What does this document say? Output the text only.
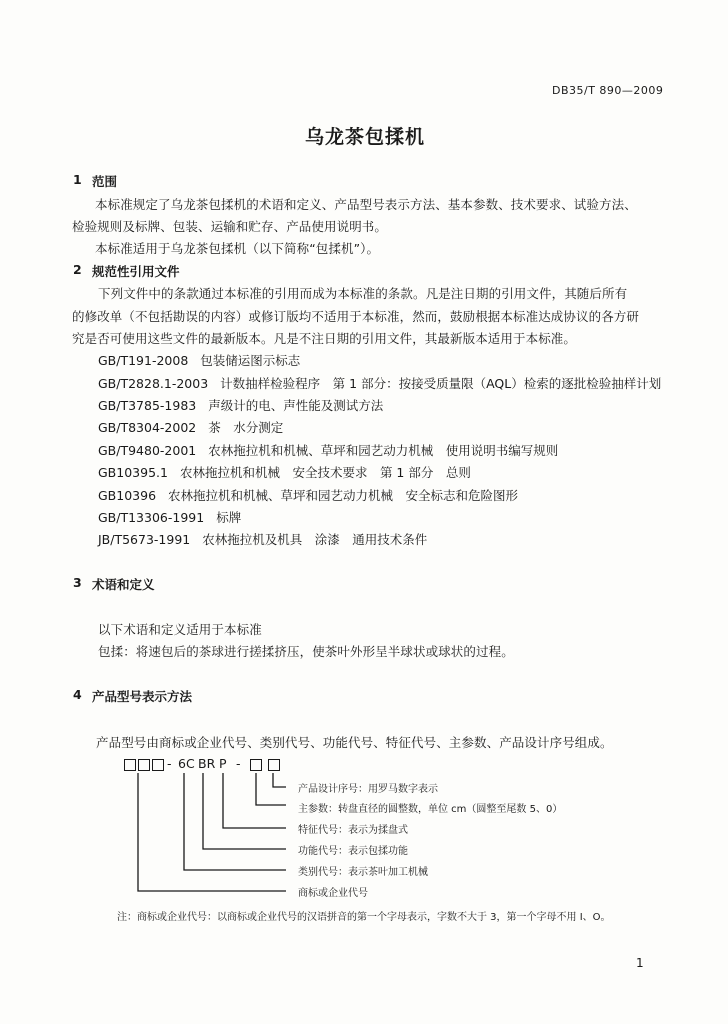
DB35/T 890—2009
乌龙茶包揉机
1 范围
本标准规定了乌龙茶包揉机的术语和定义、产品型号表示方法、基本参数、技术要求、试验方法、
检验规则及标牌、包装、运输和贮存、产品使用说明书。
本标准适用于乌龙茶包揉机（以下简称“包揉机”）。
2 规范性引用文件
下列文件中的条款通过本标准的引用而成为本标准的条款。凡是注日期的引用文件，其随后所有
的修改单（不包括勘误的内容）或修订版均不适用于本标准，然而，鼓励根据本标准达成协议的各方研
究是否可使用这些文件的最新版本。凡是不注日期的引用文件，其最新版本适用于本标准。
GB/T191-2008 包装储运图示标志
GB/T2828.1-2003 计数抽样检验程序　第 1 部分：按接受质量限（AQL）检索的逐批检验抽样计划
GB/T3785-1983 声级计的电、声性能及测试方法
GB/T8304-2002 茶　水分测定
GB/T9480-2001 农林拖拉机和机械、草坪和园艺动力机械　使用说明书编写规则
GB10395.1 农林拖拉机和机械　安全技术要求　第 1 部分　总则
GB10396 农林拖拉机和机械、草坪和园艺动力机械　安全标志和危险图形
GB/T13306-1991 标牌
JB/T5673-1991 农林拖拉机及机具　涂漆　通用技术条件
3 术语和定义
以下术语和定义适用于本标准
包揉：将速包后的茶球进行搓揉挤压，使茶叶外形呈半球状或球状的过程。
4 产品型号表示方法
产品型号由商标或企业代号、类别代号、功能代号、特征代号、主参数、产品设计序号组成。
- 6C BR P -
产品设计序号：用罗马数字表示
主参数：转盘直径的圆整数，单位 cm（圆整至尾数 5、0）
特征代号：表示为揉盘式
功能代号：表示包揉功能
类别代号：表示茶叶加工机械
商标或企业代号
注：商标或企业代号：以商标或企业代号的汉语拼音的第一个字母表示，字数不大于 3，第一个字母不用 I、O。
1
